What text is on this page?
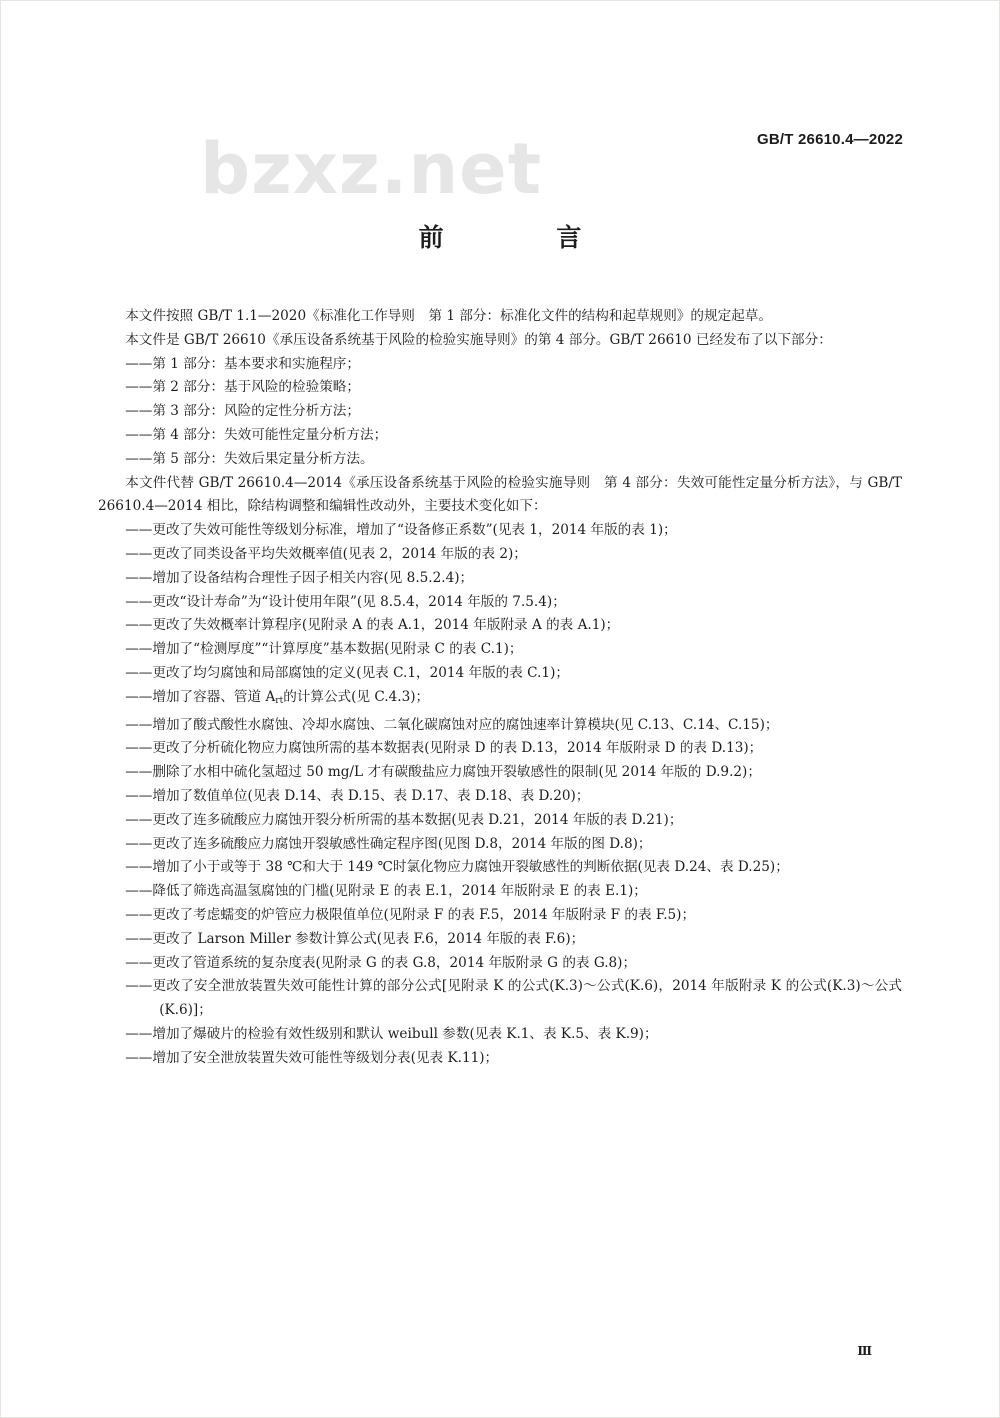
bzxz.net	GB/T 26610.4—2022
前 言

本文件按照 GB/T 1.1—2020《标准化工作导则　第 1 部分：标准化文件的结构和起草规则》的规定起草。

本文件是 GB/T 26610《承压设备系统基于风险的检验实施导则》的第 4 部分。GB/T 26610 已经发布了以下部分：

——第 1 部分：基本要求和实施程序；

——第 2 部分：基于风险的检验策略；

——第 3 部分：风险的定性分析方法；

——第 4 部分：失效可能性定量分析方法；

——第 5 部分：失效后果定量分析方法。

本文件代替 GB/T 26610.4—2014《承压设备系统基于风险的检验实施导则　第 4 部分：失效可能性定量分析方法》，与 GB/T 26610.4—2014 相比，除结构调整和编辑性改动外，主要技术变化如下：

——更改了失效可能性等级划分标准，增加了“设备修正系数”(见表 1，2014 年版的表 1)；

——更改了同类设备平均失效概率值(见表 2，2014 年版的表 2)；

——增加了设备结构合理性子因子相关内容(见 8.5.2.4)；

——更改“设计寿命”为“设计使用年限”(见 8.5.4，2014 年版的 7.5.4)；

——更改了失效概率计算程序(见附录 A 的表 A.1，2014 年版附录 A 的表 A.1)；

——增加了“检测厚度”“计算厚度”基本数据(见附录 C 的表 C.1)；

——更改了均匀腐蚀和局部腐蚀的定义(见表 C.1，2014 年版的表 C.1)；

——增加了容器、管道 $A_{rt}$的计算公式(见 C.4.3)；

——增加了酸式酸性水腐蚀、冷却水腐蚀、二氧化碳腐蚀对应的腐蚀速率计算模块(见 C.13、C.14、C.15)；

——更改了分析硫化物应力腐蚀所需的基本数据表(见附录 D 的表 D.13，2014 年版附录 D 的表 D.13)；

——删除了水相中硫化氢超过 50 mg/L 才有碳酸盐应力腐蚀开裂敏感性的限制(见 2014 年版的 D.9.2)；

——增加了数值单位(见表 D.14、表 D.15、表 D.17、表 D.18、表 D.20)；

——更改了连多硫酸应力腐蚀开裂分析所需的基本数据(见表 D.21，2014 年版的表 D.21)；

——更改了连多硫酸应力腐蚀开裂敏感性确定程序图(见图 D.8，2014 年版的图 D.8)；

——增加了小于或等于 38 ℃和大于 149 ℃时氯化物应力腐蚀开裂敏感性的判断依据(见表 D.24、表 D.25)；

——降低了筛选高温氢腐蚀的门槛(见附录 E 的表 E.1，2014 年版附录 E 的表 E.1)；

——更改了考虑蠕变的炉管应力极限值单位(见附录 F 的表 F.5，2014 年版附录 F 的表 F.5)；

——更改了 Larson Miller 参数计算公式(见表 F.6，2014 年版的表 F.6)；

——更改了管道系统的复杂度表(见附录 G 的表 G.8，2014 年版附录 G 的表 G.8)；

——更改了安全泄放装置失效可能性计算的部分公式[见附录 K 的公式(K.3)～公式(K.6)，2014 年版附录 K 的公式(K.3)～公式(K.6)]；

——增加了爆破片的检验有效性级别和默认 weibull 参数(见表 K.1、表 K.5、表 K.9)；

——增加了安全泄放装置失效可能性等级划分表(见表 K.11)；

Ⅲ
